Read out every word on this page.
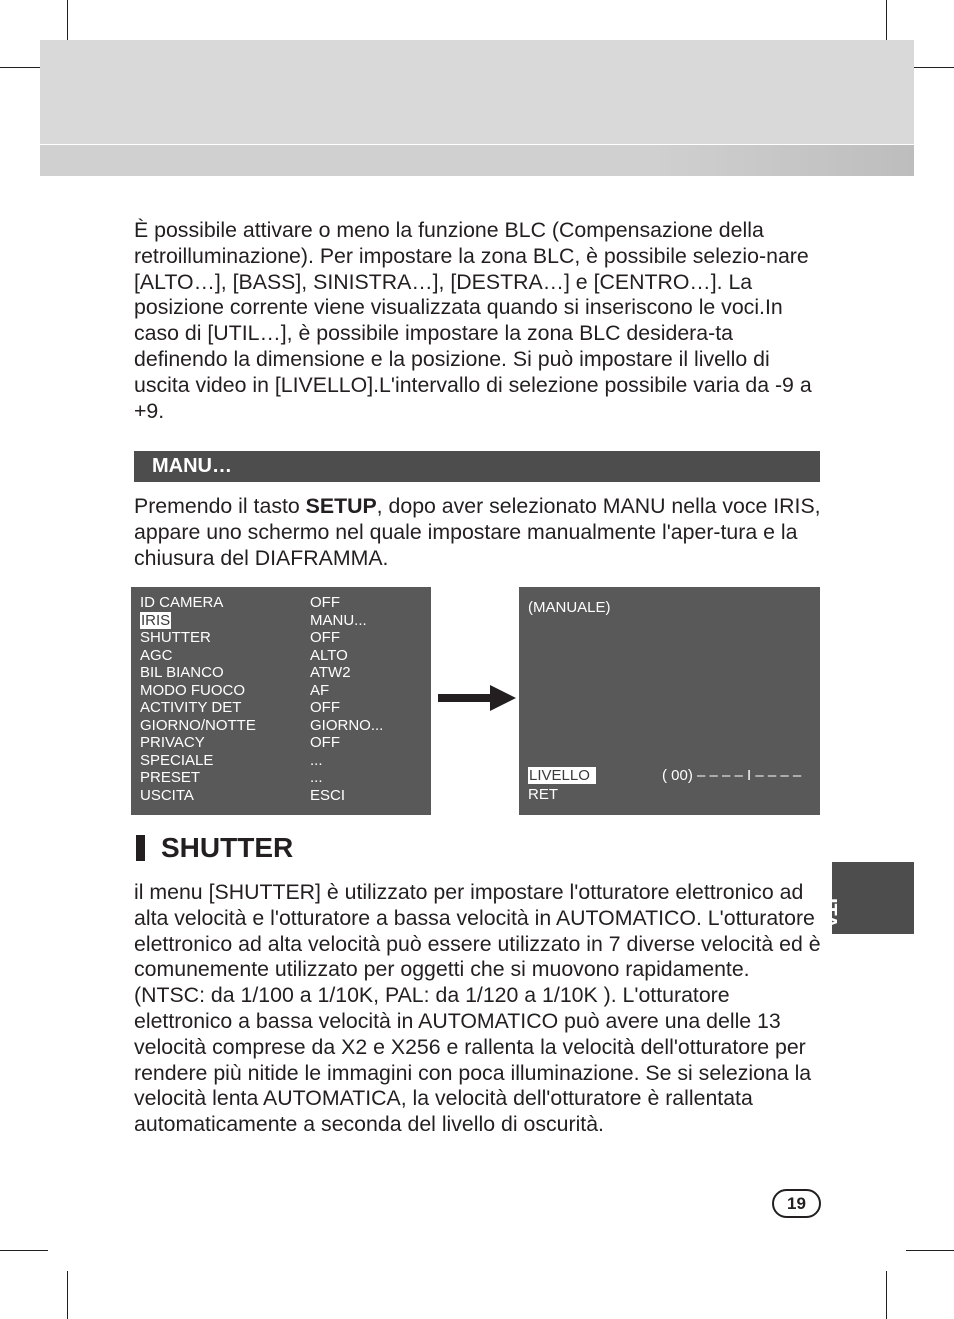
È possibile attivare o meno la funzione BLC (Compensazione della retroilluminazione). Per impostare la zona BLC, è possibile selezio-nare [ALTO…], [BASS], SINISTRA…], [DESTRA…] e [CENTRO…]. La posizione corrente viene visualizzata quando si inseriscono le voci.In caso di [UTIL…], è possibile impostare la zona BLC desidera-ta definendo la dimensione e la posizione. Si può impostare il livello di uscita video in [LIVELLO].L'intervallo di selezione possibile varia da -9 a +9.

MANU…

Premendo il tasto SETUP, dopo aver selezionato MANU nella voce IRIS, appare uno schermo nel quale impostare manualmente l'aper-tura e la chiusura del DIAFRAMMA.

ID CAMERA	OFF
IRIS	MANU...
SHUTTER	OFF
AGC	ALTO
BIL BIANCO	ATW2
MODO FUOCO	AF
ACTIVITY DET	OFF
GIORNO/NOTTE	GIORNO...
PRIVACY	OFF
SPECIALE	...
PRESET	...
USCITA	ESCI
(MANUALE)
LIVELLO	( 00) – – – – I – – – –
RET
SHUTTER

il menu [SHUTTER] è utilizzato per impostare l'otturatore elettronico ad alta velocità e l'otturatore a bassa velocità in AUTOMATICO. L'otturatore elettronico ad alta velocità può essere utilizzato in 7 diverse velocità ed è comunemente utilizzato per oggetti che si muovono rapidamente. (NTSC: da 1/100 a 1/10K, PAL: da 1/120 a 1/10K ). L'otturatore elettronico a bassa velocità in AUTOMATICO può avere una delle 13 velocità comprese da X2 e X256 e rallenta la velocità dell'otturatore per rendere più nitide le immagini con poca illuminazione. Se si seleziona la velocità lenta AUTOMATICA, la velocità dell'otturatore è rallentata automaticamente a seconda del livello di oscurità.

ITA
19
